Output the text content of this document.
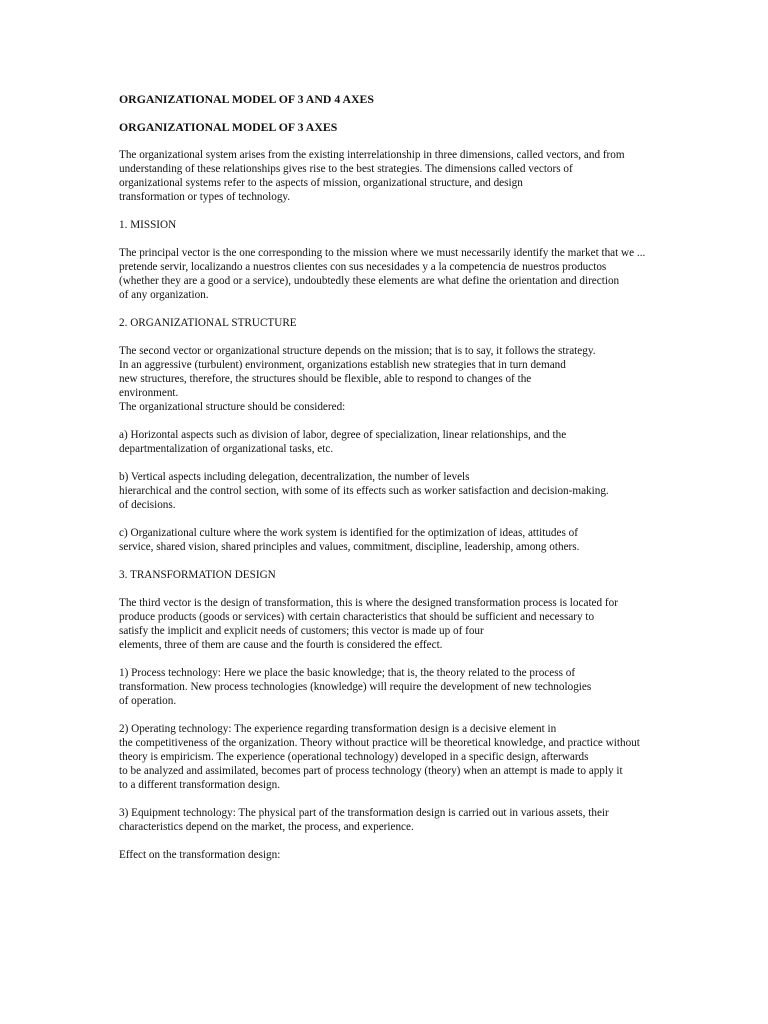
ORGANIZATIONAL MODEL OF 3 AND 4 AXES
ORGANIZATIONAL MODEL OF 3 AXES
The organizational system arises from the existing interrelationship in three dimensions, called vectors, and from
understanding of these relationships gives rise to the best strategies. The dimensions called vectors of
organizational systems refer to the aspects of mission, organizational structure, and design
transformation or types of technology.
1. MISSION
The principal vector is the one corresponding to the mission where we must necessarily identify the market that we ...
pretende servir, localizando a nuestros clientes con sus necesidades y a la competencia de nuestros productos
(whether they are a good or a service), undoubtedly these elements are what define the orientation and direction
of any organization.
2. ORGANIZATIONAL STRUCTURE
The second vector or organizational structure depends on the mission; that is to say, it follows the strategy.
In an aggressive (turbulent) environment, organizations establish new strategies that in turn demand
new structures, therefore, the structures should be flexible, able to respond to changes of the
environment.
The organizational structure should be considered:
a) Horizontal aspects such as division of labor, degree of specialization, linear relationships, and the
departmentalization of organizational tasks, etc.
b) Vertical aspects including delegation, decentralization, the number of levels
hierarchical and the control section, with some of its effects such as worker satisfaction and decision-making.
of decisions.
c) Organizational culture where the work system is identified for the optimization of ideas, attitudes of
service, shared vision, shared principles and values, commitment, discipline, leadership, among others.
3. TRANSFORMATION DESIGN
The third vector is the design of transformation, this is where the designed transformation process is located for
produce products (goods or services) with certain characteristics that should be sufficient and necessary to
satisfy the implicit and explicit needs of customers; this vector is made up of four
elements, three of them are cause and the fourth is considered the effect.
1) Process technology: Here we place the basic knowledge; that is, the theory related to the process of
transformation. New process technologies (knowledge) will require the development of new technologies
of operation.
2) Operating technology: The experience regarding transformation design is a decisive element in
the competitiveness of the organization. Theory without practice will be theoretical knowledge, and practice without
theory is empiricism. The experience (operational technology) developed in a specific design, afterwards
to be analyzed and assimilated, becomes part of process technology (theory) when an attempt is made to apply it
to a different transformation design.
3) Equipment technology: The physical part of the transformation design is carried out in various assets, their
characteristics depend on the market, the process, and experience.
Effect on the transformation design:
